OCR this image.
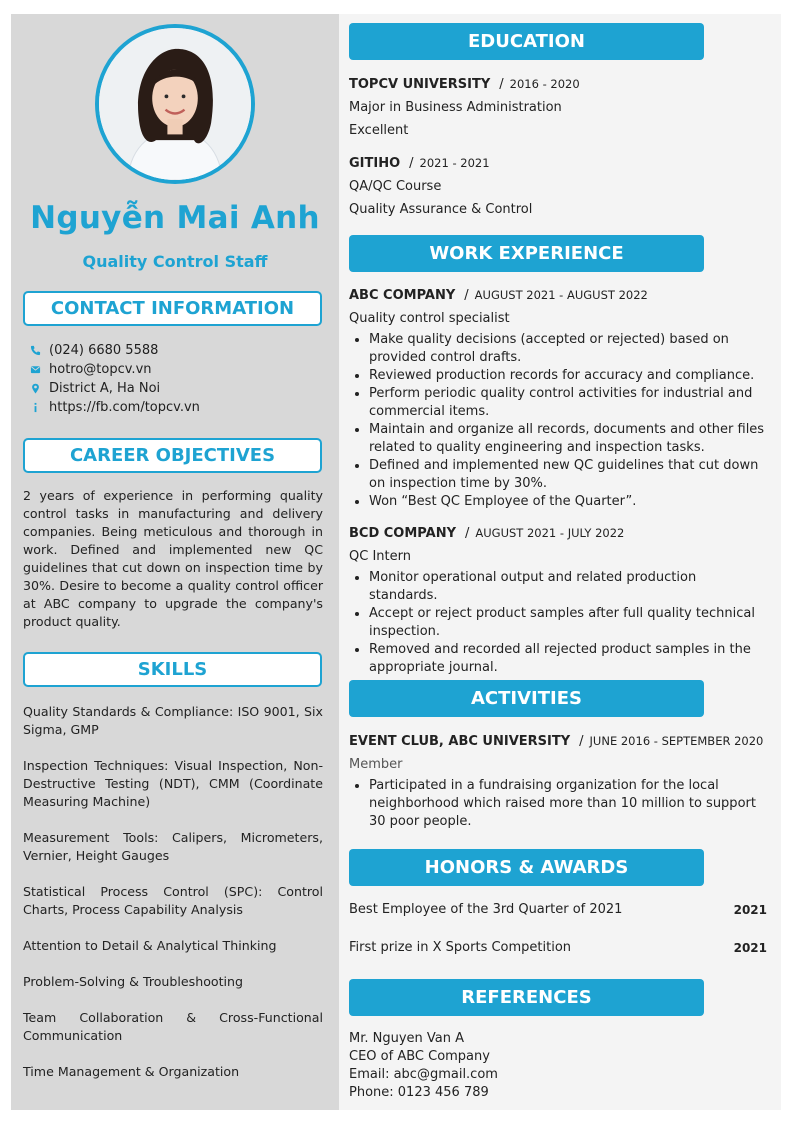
Nguyễn Mai Anh
Quality Control Staff
CONTACT INFORMATION
(024) 6680 5588
hotro@topcv.vn
District A, Ha Noi
https://fb.com/topcv.vn
CAREER OBJECTIVES
2 years of experience in performing quality control tasks in manufacturing and delivery companies. Being meticulous and thorough in work. Defined and implemented new QC guidelines that cut down on inspection time by 30%. Desire to become a quality control officer at ABC company to upgrade the company's product quality.
SKILLS
Quality Standards & Compliance: ISO 9001, Six Sigma, GMP
Inspection Techniques: Visual Inspection, Non-Destructive Testing (NDT), CMM (Coordinate Measuring Machine)
Measurement Tools: Calipers, Micrometers, Vernier, Height Gauges
Statistical Process Control (SPC): Control Charts, Process Capability Analysis
Attention to Detail & Analytical Thinking
Problem-Solving & Troubleshooting
Team Collaboration & Cross-Functional Communication
Time Management & Organization
EDUCATION
TOPCV UNIVERSITY / 2016 - 2020
Major in Business Administration
Excellent
GITIHO / 2021 - 2021
QA/QC Course
Quality Assurance & Control
WORK EXPERIENCE
ABC COMPANY / AUGUST 2021 - AUGUST 2022
Quality control specialist
Make quality decisions (accepted or rejected) based on provided control drafts.
Reviewed production records for accuracy and compliance.
Perform periodic quality control activities for industrial and commercial items.
Maintain and organize all records, documents and other files related to quality engineering and inspection tasks.
Defined and implemented new QC guidelines that cut down on inspection time by 30%.
Won “Best QC Employee of the Quarter”.
BCD COMPANY / AUGUST 2021 - JULY 2022
QC Intern
Monitor operational output and related production standards.
Accept or reject product samples after full quality technical inspection.
Removed and recorded all rejected product samples in the appropriate journal.
ACTIVITIES
EVENT CLUB, ABC UNIVERSITY / JUNE 2016 - SEPTEMBER 2020
Member
Participated in a fundraising organization for the local neighborhood which raised more than 10 million to support 30 poor people.
HONORS & AWARDS
Best Employee of the 3rd Quarter of 2021	2021
First prize in X Sports Competition	2021
REFERENCES
Mr. Nguyen Van A
CEO of ABC Company
Email: abc@gmail.com
Phone: 0123 456 789
